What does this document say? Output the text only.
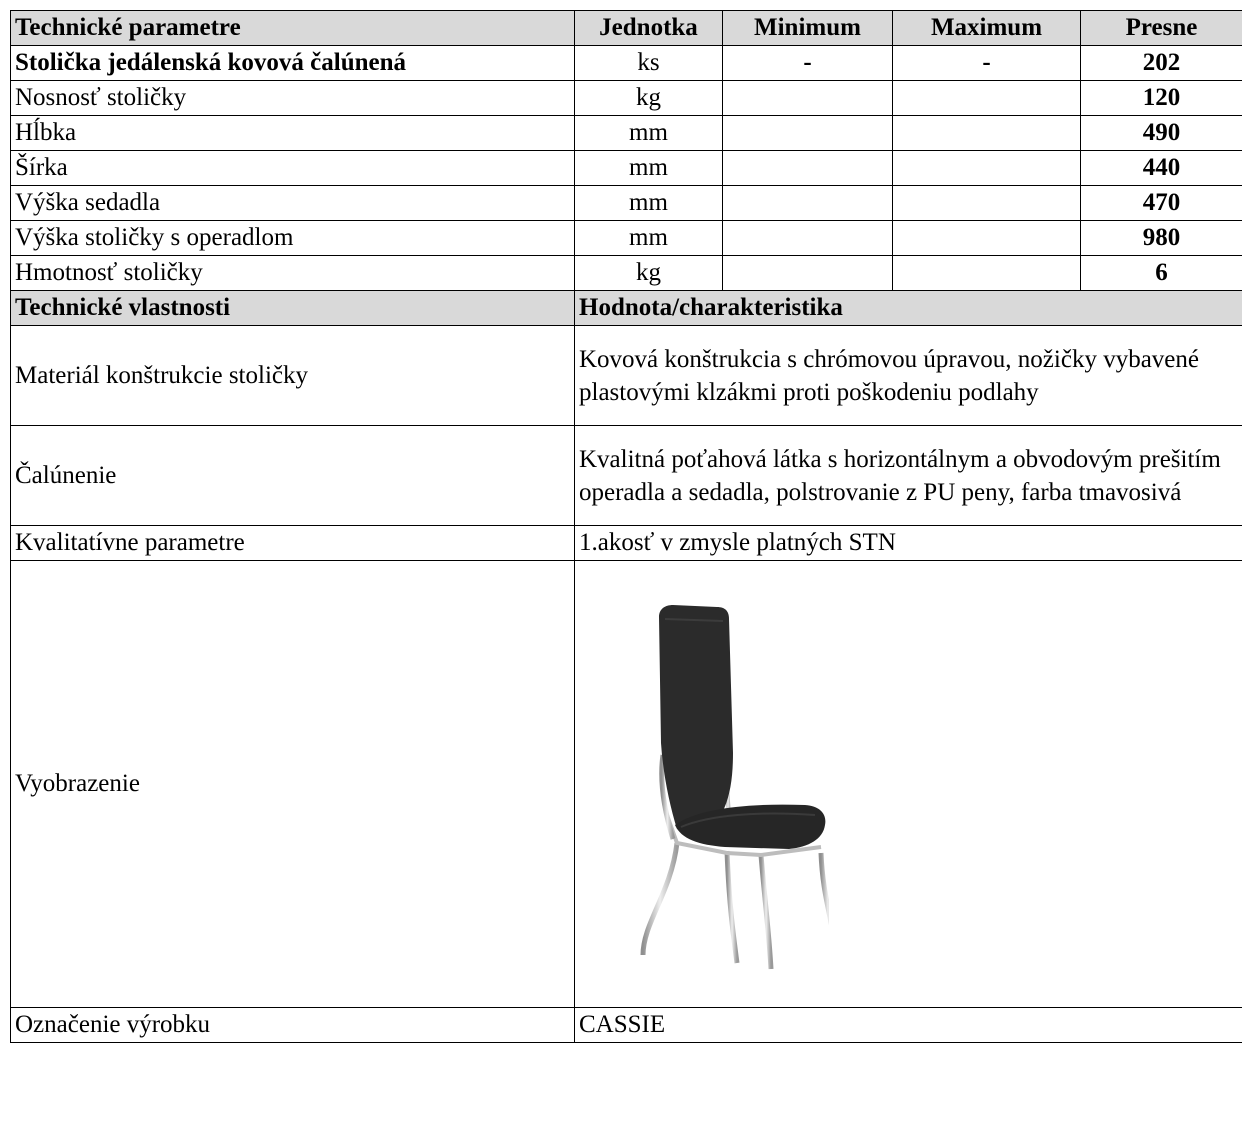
Technické parametre	Jednotka	Minimum	Maximum	Presne
Stolička jedálenská kovová čalúnená	ks	-	-	202
Nosnosť stoličky	kg			120
Hĺbka	mm			490
Šírka	mm			440
Výška sedadla	mm			470
Výška stoličky s operadlom	mm			980
Hmotnosť stoličky	kg			6
Technické vlastnosti	Hodnota/charakteristika			
Materiál konštrukcie stoličky	Kovová konštrukcia s chrómovou úpravou, nožičky vybavené plastovými klzákmi proti poškodeniu podlahy			
Čalúnenie	Kvalitná poťahová látka s horizontálnym a obvodovým prešitím operadla a sedadla, polstrovanie z PU peny, farba tmavosivá			
Kvalitatívne parametre	1.akosť v zmysle platných STN			
Vyobrazenie	

Označenie výrobku	CASSIE			
